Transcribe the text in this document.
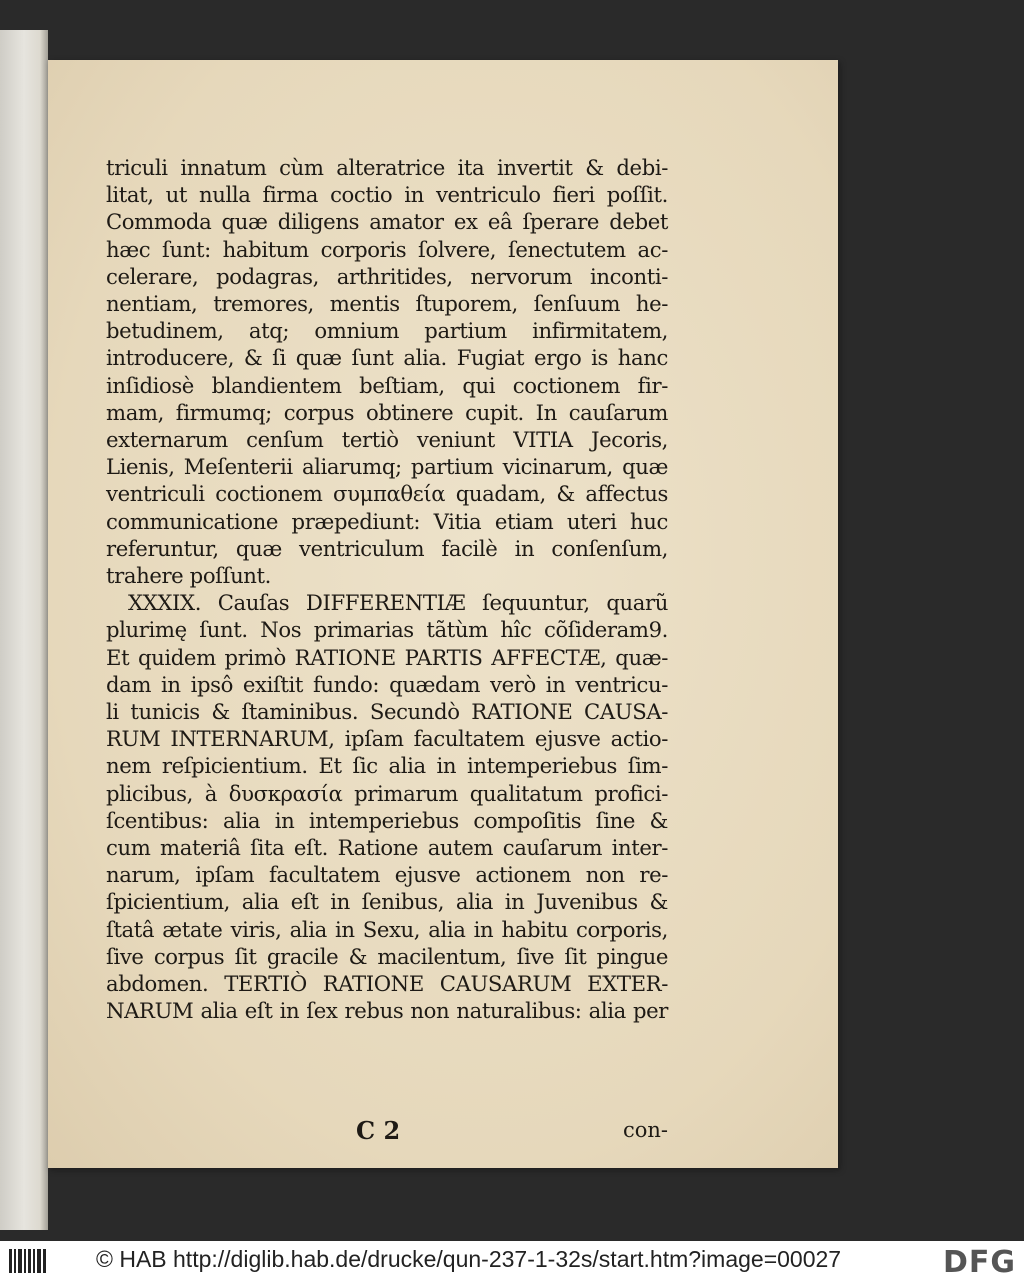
triculi innatum cùm alteratrice ita invertit & debi-
litat, ut nulla firma coctio in ventriculo fieri poſſit.
Commoda quæ diligens amator ex eâ ſperare debet
hæc ſunt: habitum corporis ſolvere, ſenectutem ac-
celerare, podagras, arthritides, nervorum inconti-
nentiam, tremores, mentis ſtuporem, ſenſuum he-
betudinem, atq; omnium partium infirmitatem,
introducere, & ſi quæ ſunt alia. Fugiat ergo is hanc
inſidiosè blandientem beſtiam, qui coctionem fir-
mam, firmumq; corpus obtinere cupit. In cauſarum
externarum cenſum tertiò veniunt VITIA Jecoris,
Lienis, Meſenterii aliarumq; partium vicinarum, quæ
ventriculi coctionem συμπαθεία quadam, & affectus
communicatione præpediunt: Vitia etiam uteri huc
referuntur, quæ ventriculum facilè in conſenſum,
trahere poſſunt.
XXXIX. Cauſas DIFFERENTIÆ ſequuntur, quarũ
plurimę ſunt. Nos primarias tãtùm hîc cõſideram9.
Et quidem primò RATIONE PARTIS AFFECTÆ, quæ-
dam in ipsô exiſtit fundo: quædam verò in ventricu-
li tunicis & ſtaminibus. Secundò RATIONE CAUSA-
RUM INTERNARUM, ipſam facultatem ejusve actio-
nem reſpicientium. Et ſic alia in intemperiebus ſim-
plicibus, à δυσκρασία primarum qualitatum profici-
ſcentibus: alia in intemperiebus compoſitis ſine &
cum materiâ ſita eſt. Ratione autem cauſarum inter-
narum, ipſam facultatem ejusve actionem non re-
ſpicientium, alia eſt in ſenibus, alia in Juvenibus &
ſtatâ ætate viris, alia in Sexu, alia in habitu corporis,
ſive corpus ſit gracile & macilentum, ſive ſit pingue
abdomen. TERTIÒ RATIONE CAUSARUM EXTER-
NARUM alia eſt in ſex rebus non naturalibus: alia per
C 2	con-
© HAB http://diglib.hab.de/drucke/qun-237-1-32s/start.htm?image=00027	DFG
